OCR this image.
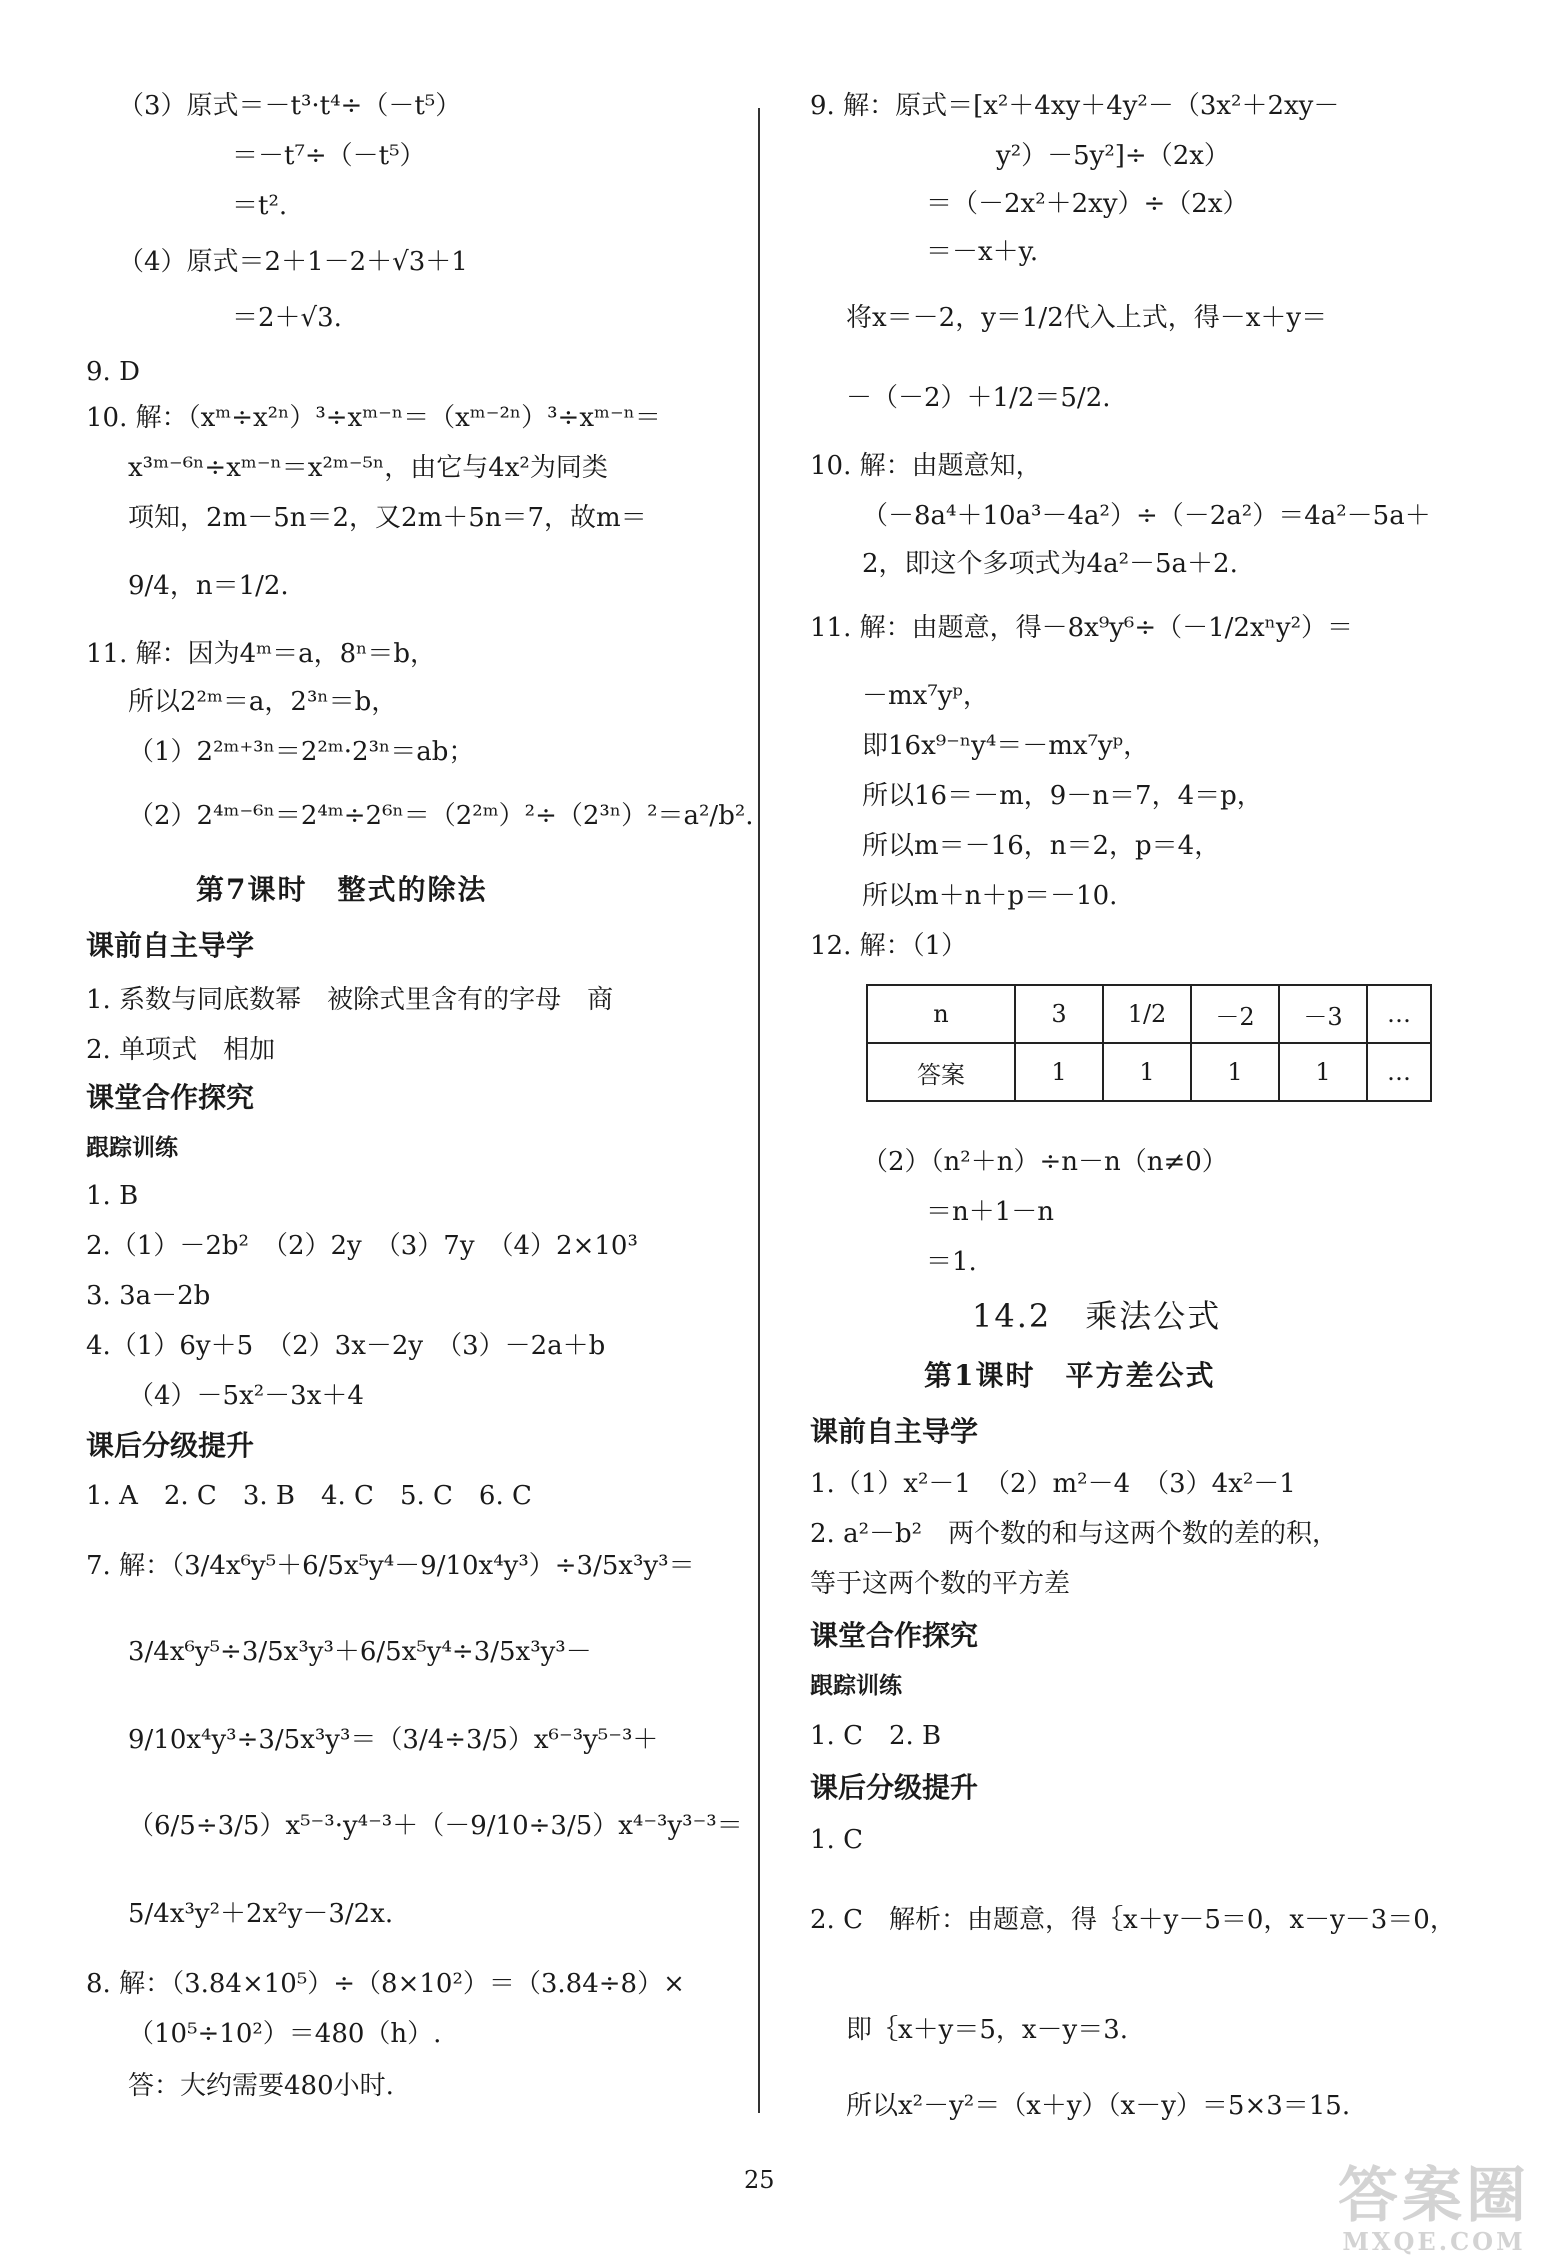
（3）原式＝－t³·t⁴÷（－t⁵）
＝－t⁷÷（－t⁵）
＝t².
（4）原式＝2＋1－2＋√3＋1
＝2＋√3.
9. D
10. 解：（xᵐ÷x²ⁿ）³÷xᵐ⁻ⁿ＝（xᵐ⁻²ⁿ）³÷xᵐ⁻ⁿ＝
x³ᵐ⁻⁶ⁿ÷xᵐ⁻ⁿ＝x²ᵐ⁻⁵ⁿ，由它与4x²为同类
项知，2m－5n＝2，又2m＋5n＝7，故m＝
9/4，n＝1/2.
11. 解：因为4ᵐ＝a，8ⁿ＝b，
所以2²ᵐ＝a，2³ⁿ＝b，
（1）2²ᵐ⁺³ⁿ＝2²ᵐ·2³ⁿ＝ab；
（2）2⁴ᵐ⁻⁶ⁿ＝2⁴ᵐ÷2⁶ⁿ＝（2²ᵐ）²÷（2³ⁿ）²＝a²/b².
第7课时　整式的除法
课前自主导学
1. 系数与同底数幂　被除式里含有的字母　商
2. 单项式　相加
课堂合作探究
跟踪训练
1. B
2.（1）－2b²　（2）2y　（3）7y　（4）2×10³
3. 3a－2b
4.（1）6y＋5　（2）3x－2y　（3）－2a＋b
（4）－5x²－3x＋4
课后分级提升
1. A　2. C　3. B　4. C　5. C　6. C
7. 解：（3/4x⁶y⁵＋6/5x⁵y⁴－9/10x⁴y³）÷3/5x³y³＝
3/4x⁶y⁵÷3/5x³y³＋6/5x⁵y⁴÷3/5x³y³－
9/10x⁴y³÷3/5x³y³＝（3/4÷3/5）x⁶⁻³y⁵⁻³＋
（6/5÷3/5）x⁵⁻³·y⁴⁻³＋（－9/10÷3/5）x⁴⁻³y³⁻³＝
5/4x³y²＋2x²y－3/2x.
8. 解：（3.84×10⁵）÷（8×10²）＝（3.84÷8）×
（10⁵÷10²）＝480（h）.
答：大约需要480小时.
9. 解：原式＝[x²＋4xy＋4y²－（3x²＋2xy－
y²）－5y²]÷（2x）
＝（－2x²＋2xy）÷（2x）
＝－x＋y.
将x＝－2，y＝1/2代入上式，得－x＋y＝
－（－2）＋1/2＝5/2.
10. 解：由题意知，
（－8a⁴＋10a³－4a²）÷（－2a²）＝4a²－5a＋
2，即这个多项式为4a²－5a＋2.
11. 解：由题意，得－8x⁹y⁶÷（－1/2xⁿy²）＝
－mx⁷yᵖ，
即16x⁹⁻ⁿy⁴＝－mx⁷yᵖ，
所以16＝－m，9－n＝7，4＝p，
所以m＝－16，n＝2，p＝4，
所以m＋n＋p＝－10.
12. 解：（1）
（2）（n²＋n）÷n－n（n≠0）
＝n＋1－n
＝1.
14.2　乘法公式
第1课时　平方差公式
课前自主导学
1.（1）x²－1　（2）m²－4　（3）4x²－1
2. a²－b²　两个数的和与这两个数的差的积，
等于这两个数的平方差
课堂合作探究
跟踪训练
1. C　2. B
课后分级提升
1. C
2. C　解析：由题意，得｛x＋y－5＝0，x－y－3＝0，
即｛x＋y＝5，x－y＝3.
所以x²－y²＝（x＋y）（x－y）＝5×3＝15.
n	3	1/2	－2	－3	…
答案	1	1	1	1	…
25	答案圈
MXQE.COM
